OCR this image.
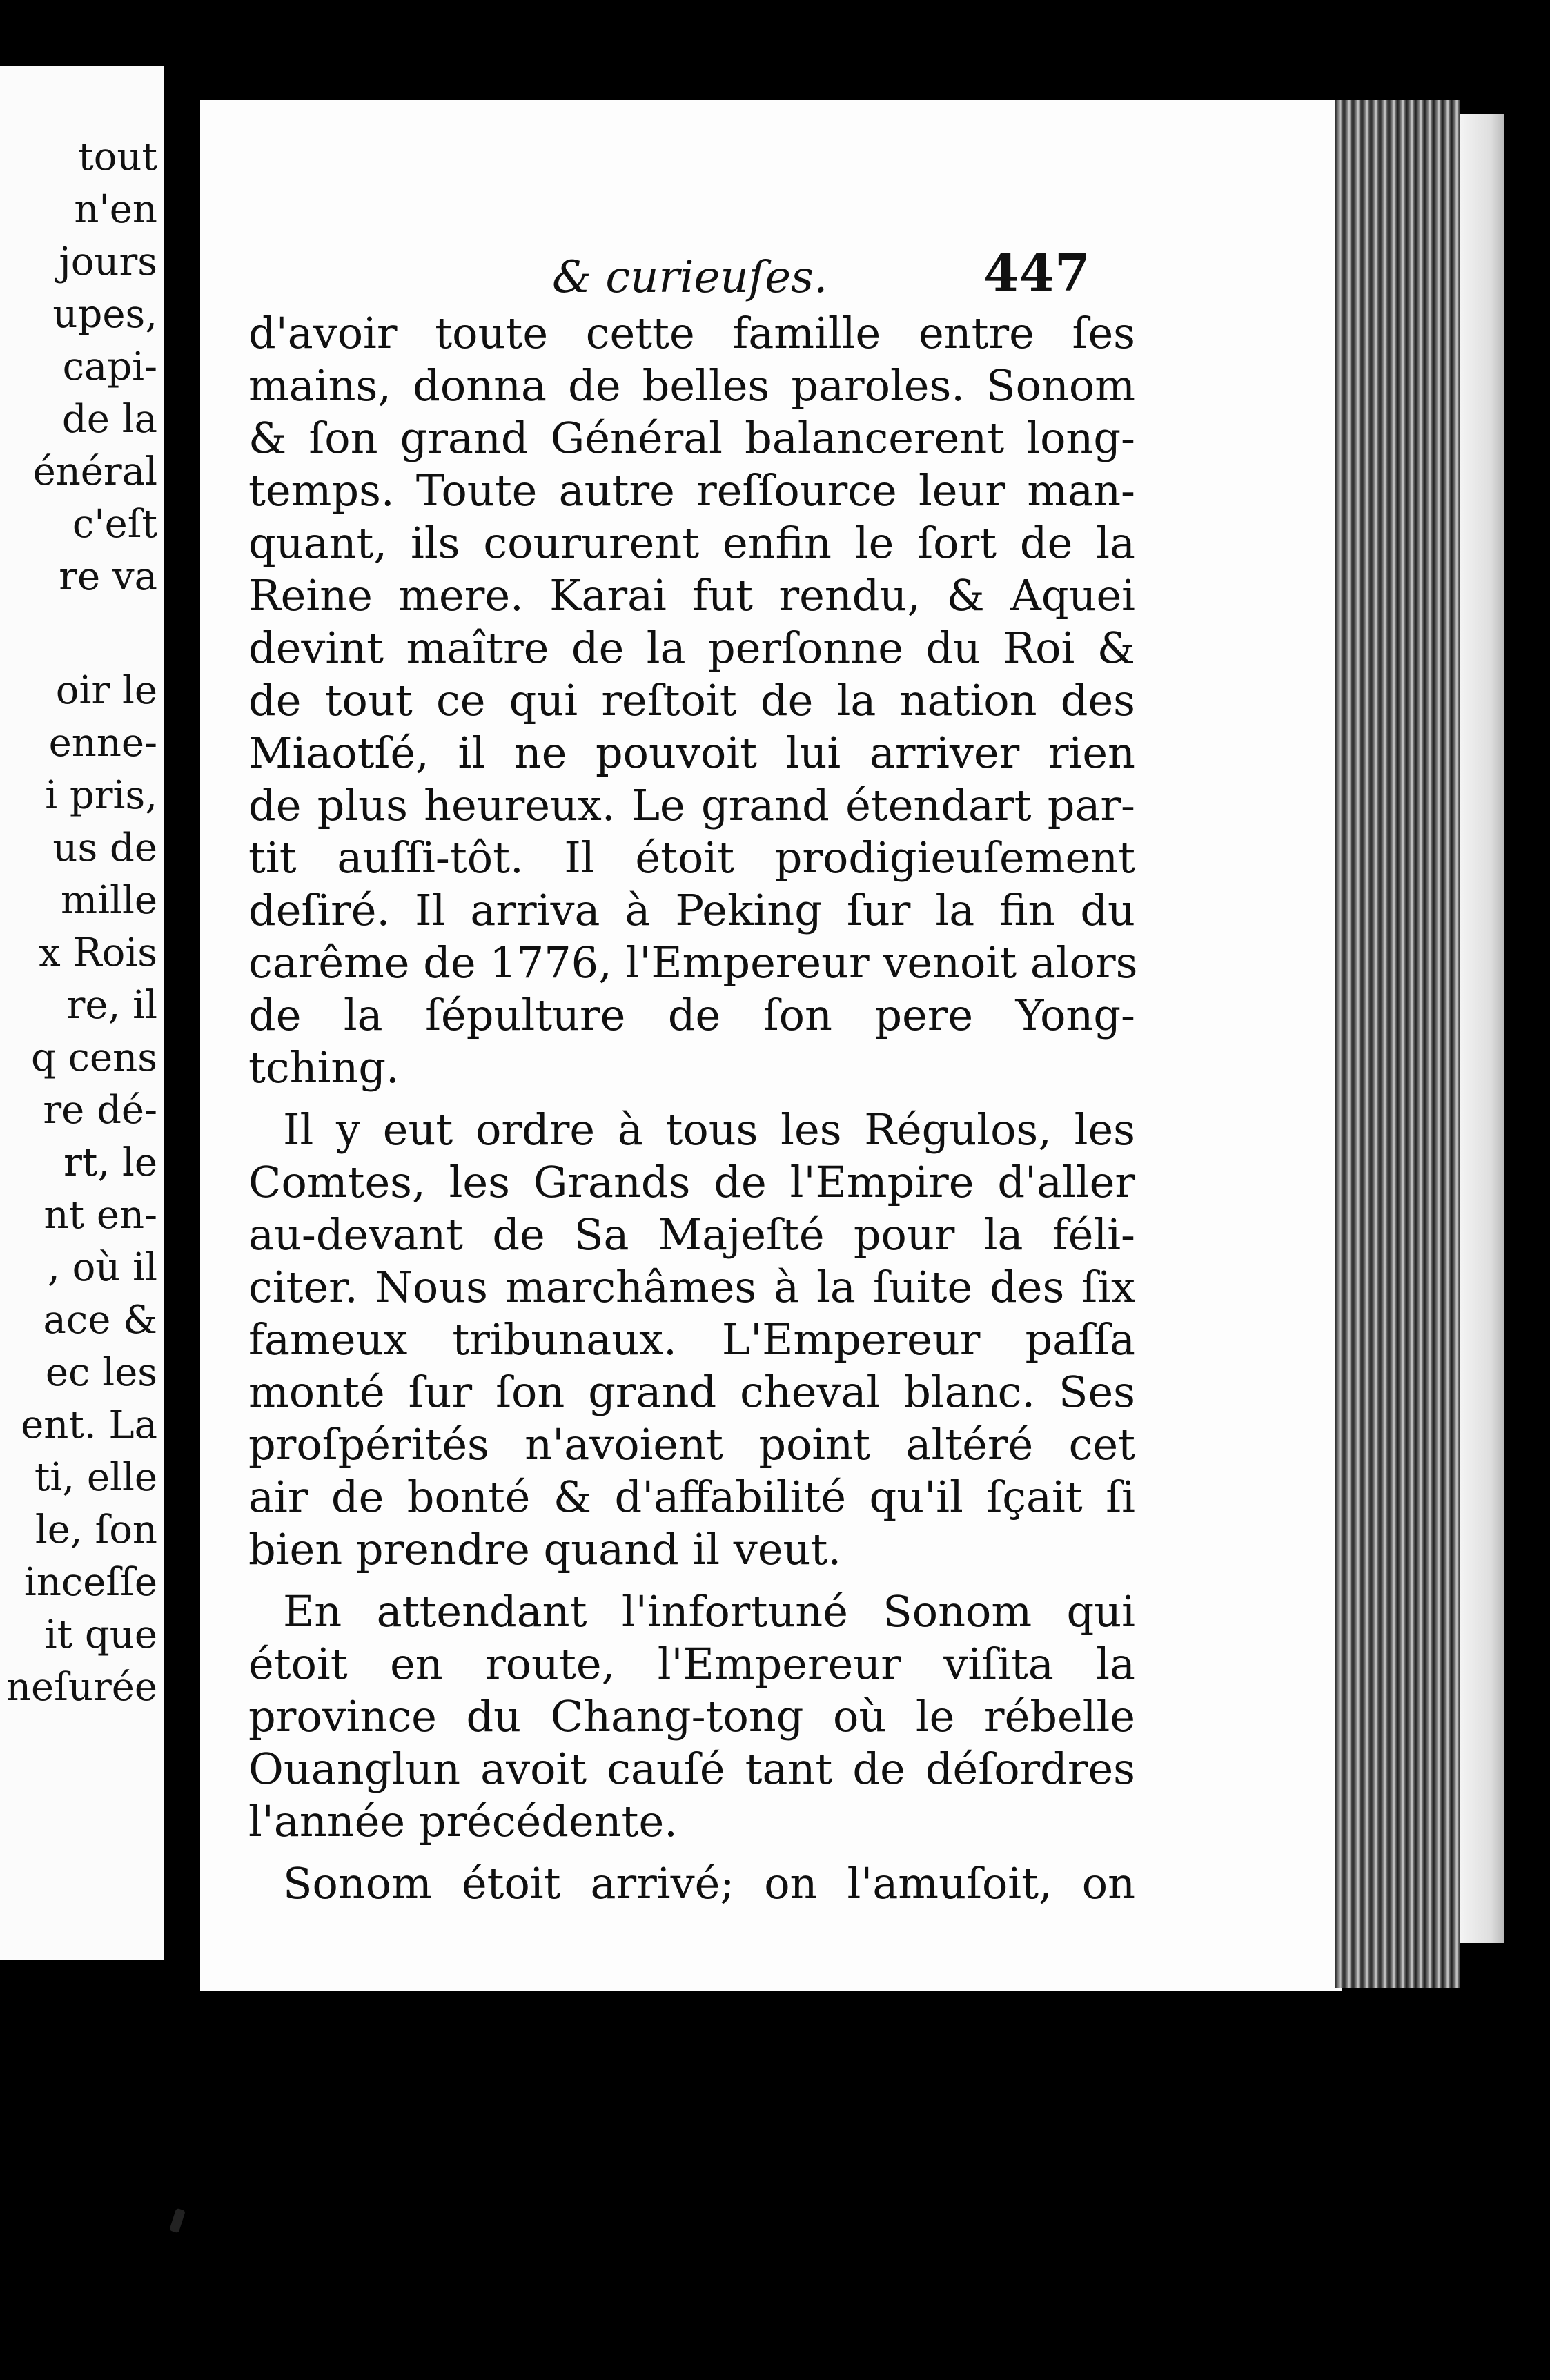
tout

n'en

jours

upes,

capi-

de la

énéral

c'eſt

re va

oir le

enne-

i pris,

us de

mille

x Rois

re, il

q cens

re dé-

rt, le

nt en-

, où il

ace &

ec les

ent. La

ti, elle

le, ſon

inceſſe

it que

neſurée

& curieuſes.	447

d'avoir toute cette famille entre ſes
mains, donna de belles paroles. Sonom
& ſon grand Général balancerent long-
temps. Toute autre reſſource leur man-
quant, ils coururent enfin le ſort de la
Reine mere. Karai fut rendu, & Aquei
devint maître de la perſonne du Roi &
de tout ce qui reſtoit de la nation des
Miaotſé, il ne pouvoit lui arriver rien
de plus heureux. Le grand étendart par-
tit auſſi-tôt. Il étoit prodigieuſement
deſiré. Il arriva à Peking ſur la fin du
carême de 1776, l'Empereur venoit alors
de la ſépulture de ſon pere Yong-
tching.
Il y eut ordre à tous les Régulos, les
Comtes, les Grands de l'Empire d'aller
au-devant de Sa Majeſté pour la féli-
citer. Nous marchâmes à la ſuite des ſix
fameux tribunaux. L'Empereur paſſa
monté ſur ſon grand cheval blanc. Ses
proſpérités n'avoient point altéré cet
air de bonté & d'affabilité qu'il ſçait ſi
bien prendre quand il veut.
En attendant l'infortuné Sonom qui
étoit en route, l'Empereur viſita la
province du Chang-tong où le rébelle
Ouanglun avoit cauſé tant de déſordres
l'année précédente.
Sonom étoit arrivé; on l'amuſoit, on
